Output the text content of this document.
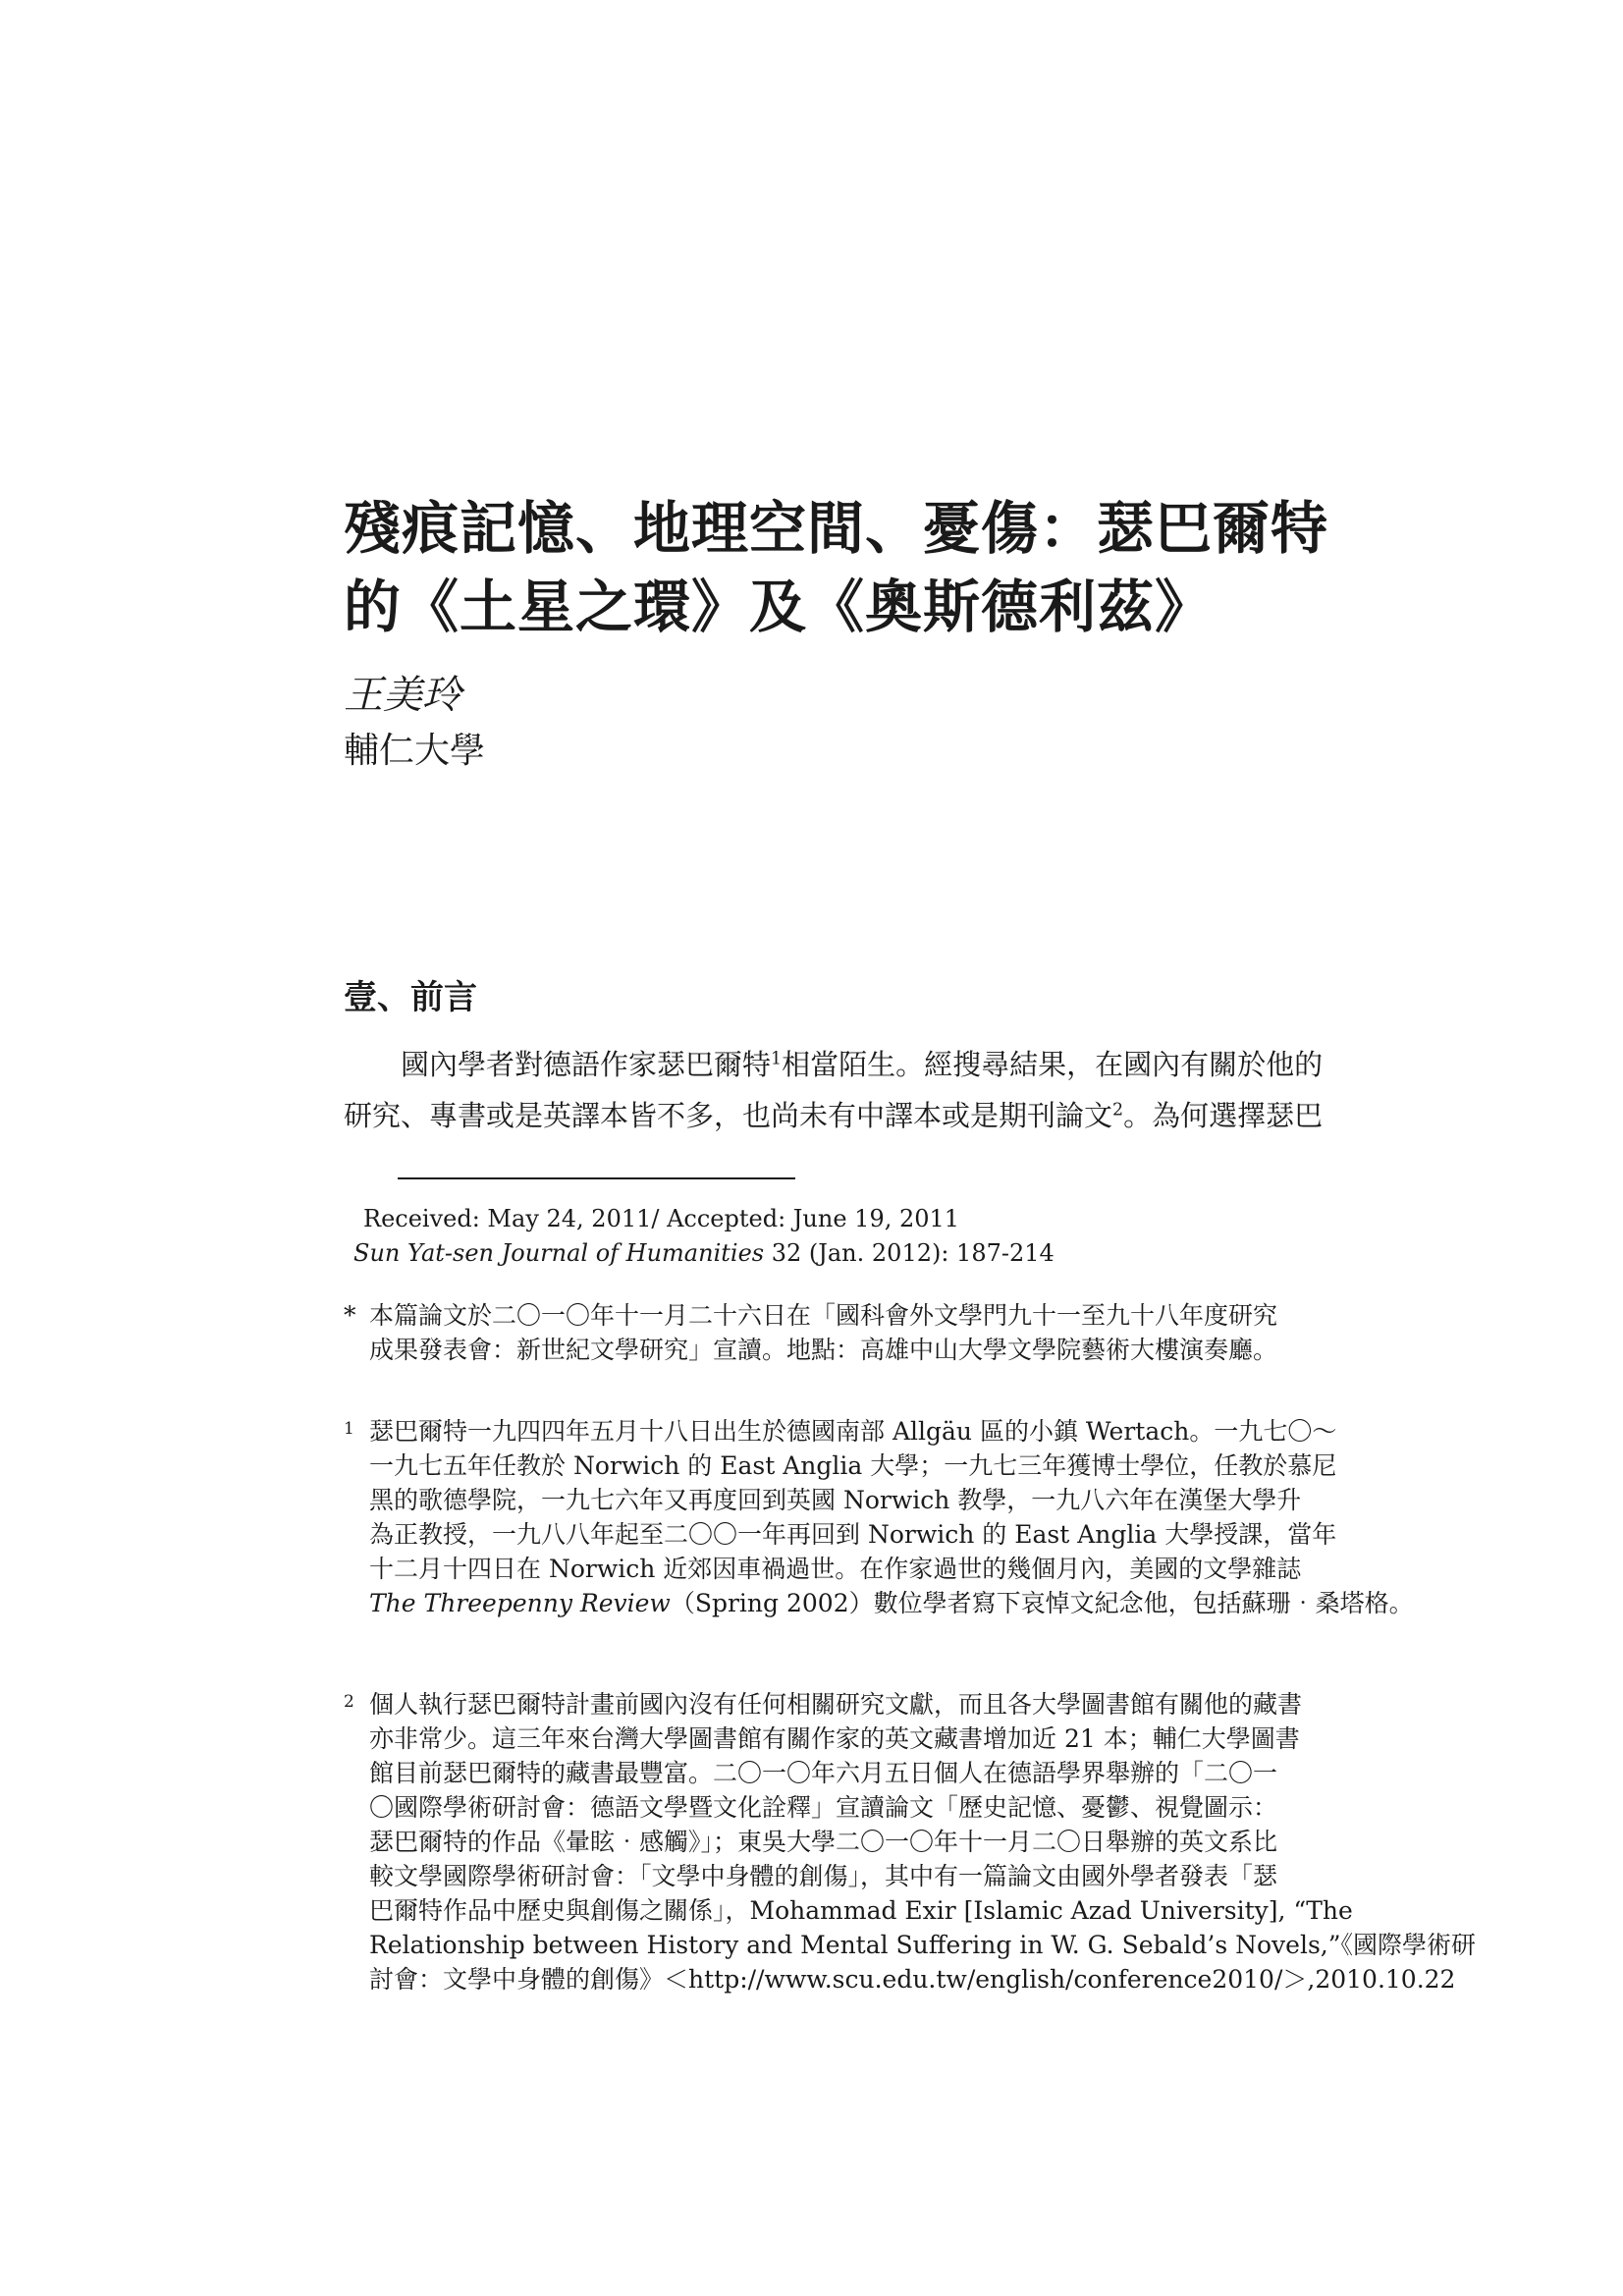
殘痕記憶、地理空間、憂傷：瑟巴爾特
的《土星之環》及《奧斯德利茲》
王美玲
輔仁大學
壹、前言

國內學者對德語作家瑟巴爾特$^1$相當陌生。經搜尋結果，在國內有關於他的
研究、專書或是英譯本皆不多，也尚未有中譯本或是期刊論文$^2$。為何選擇瑟巴

Received: May 24, 2011/ Accepted: June 19, 2011
Sun Yat-sen Journal of Humanities 32 (Jan. 2012): 187-214
* 本篇論文於二〇一〇年十一月二十六日在「國科會外文學門九十一至九十八年度研究
成果發表會：新世紀文學研究」宣讀。地點：高雄中山大學文學院藝術大樓演奏廳。
1 瑟巴爾特一九四四年五月十八日出生於德國南部 Allgäu 區的小鎮 Wertach。一九七〇～
一九七五年任教於 Norwich 的 East Anglia 大學；一九七三年獲博士學位，任教於慕尼
黑的歌德學院，一九七六年又再度回到英國 Norwich 教學，一九八六年在漢堡大學升
為正教授，一九八八年起至二〇〇一年再回到 Norwich 的 East Anglia 大學授課，當年
十二月十四日在 Norwich 近郊因車禍過世。在作家過世的幾個月內，美國的文學雜誌
The Threepenny Review（Spring 2002）數位學者寫下哀悼文紀念他，包括蘇珊‧桑塔格。
2 個人執行瑟巴爾特計畫前國內沒有任何相關研究文獻，而且各大學圖書館有關他的藏書
亦非常少。這三年來台灣大學圖書館有關作家的英文藏書增加近 21 本；輔仁大學圖書
館目前瑟巴爾特的藏書最豐富。二〇一〇年六月五日個人在德語學界舉辦的「二〇一
〇國際學術研討會：德語文學暨文化詮釋」宣讀論文「歷史記憶、憂鬱、視覺圖示：
瑟巴爾特的作品《暈眩‧感觸》」；東吳大學二〇一〇年十一月二〇日舉辦的英文系比
較文學國際學術研討會：「文學中身體的創傷」，其中有一篇論文由國外學者發表「瑟
巴爾特作品中歷史與創傷之關係」，Mohammad Exir [Islamic Azad University], “The
Relationship between History and Mental Suffering in W. G. Sebald’s Novels,”《國際學術研
討會：文學中身體的創傷》＜http://www.scu.edu.tw/english/conference2010/＞,2010.10.22
